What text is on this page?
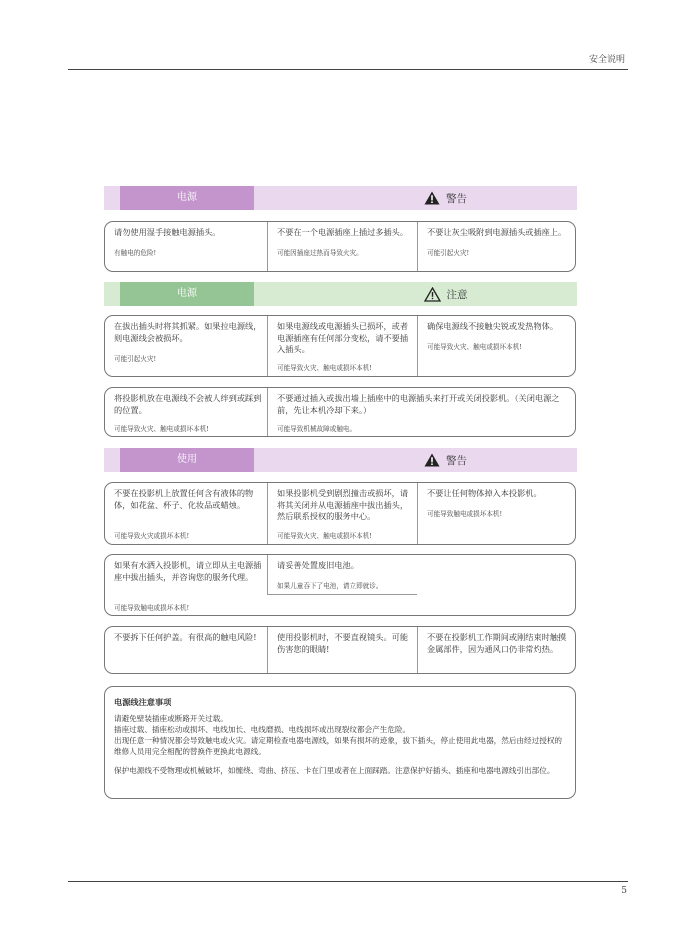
安全说明
电源	警告
请勿使用湿手接触电源插头。
有触电的危险!
不要在一个电源插座上插过多插头。
可能因插座过热而导致火灾。
不要让灰尘吸附到电源插头或插座上。
可能引起火灾!
电源	注意
在拔出插头时将其抓紧。如果拉电源线，则电源线会被损坏。
可能引起火灾!
如果电源线或电源插头已损坏，或者电源插座有任何部分变松，请不要插入插头。
可能导致火灾、触电或损坏本机!
确保电源线不接触尖锐或发热物体。
可能导致火灾、触电或损坏本机!
将投影机放在电源线不会被人绊到或踩到的位置。
可能导致火灾、触电或损坏本机!
不要通过插入或拔出墙上插座中的电源插头来打开或关闭投影机。（关闭电源之前，先让本机冷却下来。）
可能导致机械故障或触电。
使用	警告
不要在投影机上放置任何含有液体的物体，如花盆、杯子、化妆品或蜡烛。
可能导致火灾或损坏本机!
如果投影机受到剧烈撞击或损坏，请将其关闭并从电源插座中拔出插头，然后联系授权的服务中心。
可能导致火灾、触电或损坏本机!
不要让任何物体掉入本投影机。
可能导致触电或损坏本机!
如果有水洒入投影机，请立即从主电源插座中拔出插头，并咨询您的服务代理。
可能导致触电或损坏本机!
请妥善处置废旧电池。
如果儿童吞下了电池，请立即就诊。
不要拆下任何护盖。有很高的触电风险!	使用投影机时，不要直视镜头。可能伤害您的眼睛!
不要在投影机工作期间或刚结束时触摸金属部件，因为通风口仍非常灼热。
电源线注意事项
请避免壁装插座或断路开关过载。
插座过载、插座松动或损坏、电线加长、电线磨损、电线损坏或出现裂纹都会产生危险。
出现任意一种情况都会导致触电或火灾。请定期检查电器电源线，如果有损坏的迹象，拔下插头，停止使用此电器，然后由经过授权的维修人员用完全相配的替换件更换此电源线。
保护电源线不受物理或机械破坏，如缠绕、弯曲、挤压、卡在门里或者在上面踩踏。注意保护好插头、插座和电器电源线引出部位。
5
